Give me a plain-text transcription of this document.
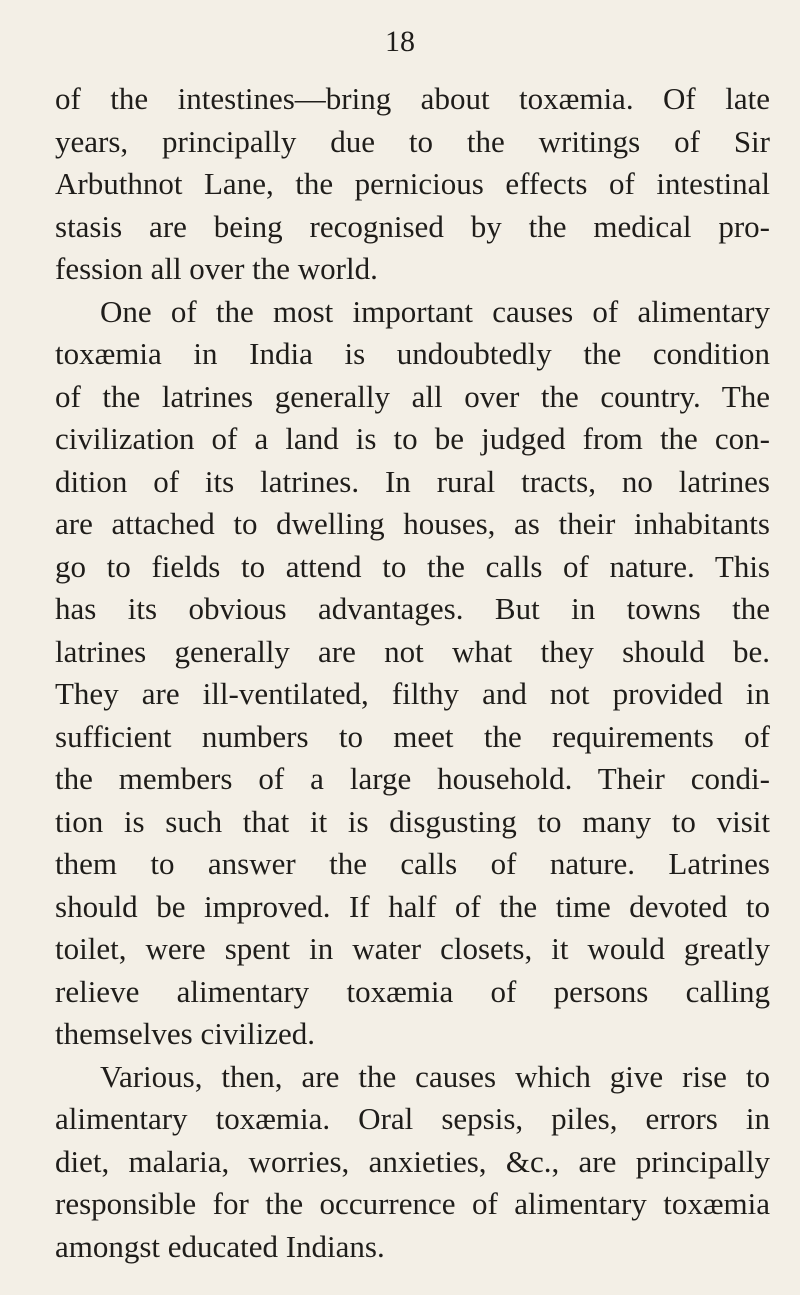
18
of the intestines—bring about toxæmia. Of late
years, principally due to the writings of Sir
Arbuthnot Lane, the pernicious effects of intestinal
stasis are being recognised by the medical pro-
fession all over the world.
One of the most important causes of alimentary
toxæmia in India is undoubtedly the condition
of the latrines generally all over the country. The
civilization of a land is to be judged from the con-
dition of its latrines. In rural tracts, no latrines
are attached to dwelling houses, as their inhabitants
go to fields to attend to the calls of nature. This
has its obvious advantages. But in towns the
latrines generally are not what they should be.
They are ill-ventilated, filthy and not provided in
sufficient numbers to meet the requirements of
the members of a large household. Their condi-
tion is such that it is disgusting to many to visit
them to answer the calls of nature. Latrines
should be improved. If half of the time devoted to
toilet, were spent in water closets, it would greatly
relieve alimentary toxæmia of persons calling
themselves civilized.
Various, then, are the causes which give rise to
alimentary toxæmia. Oral sepsis, piles, errors in
diet, malaria, worries, anxieties, &c., are principally
responsible for the occurrence of alimentary toxæmia
amongst educated Indians.
